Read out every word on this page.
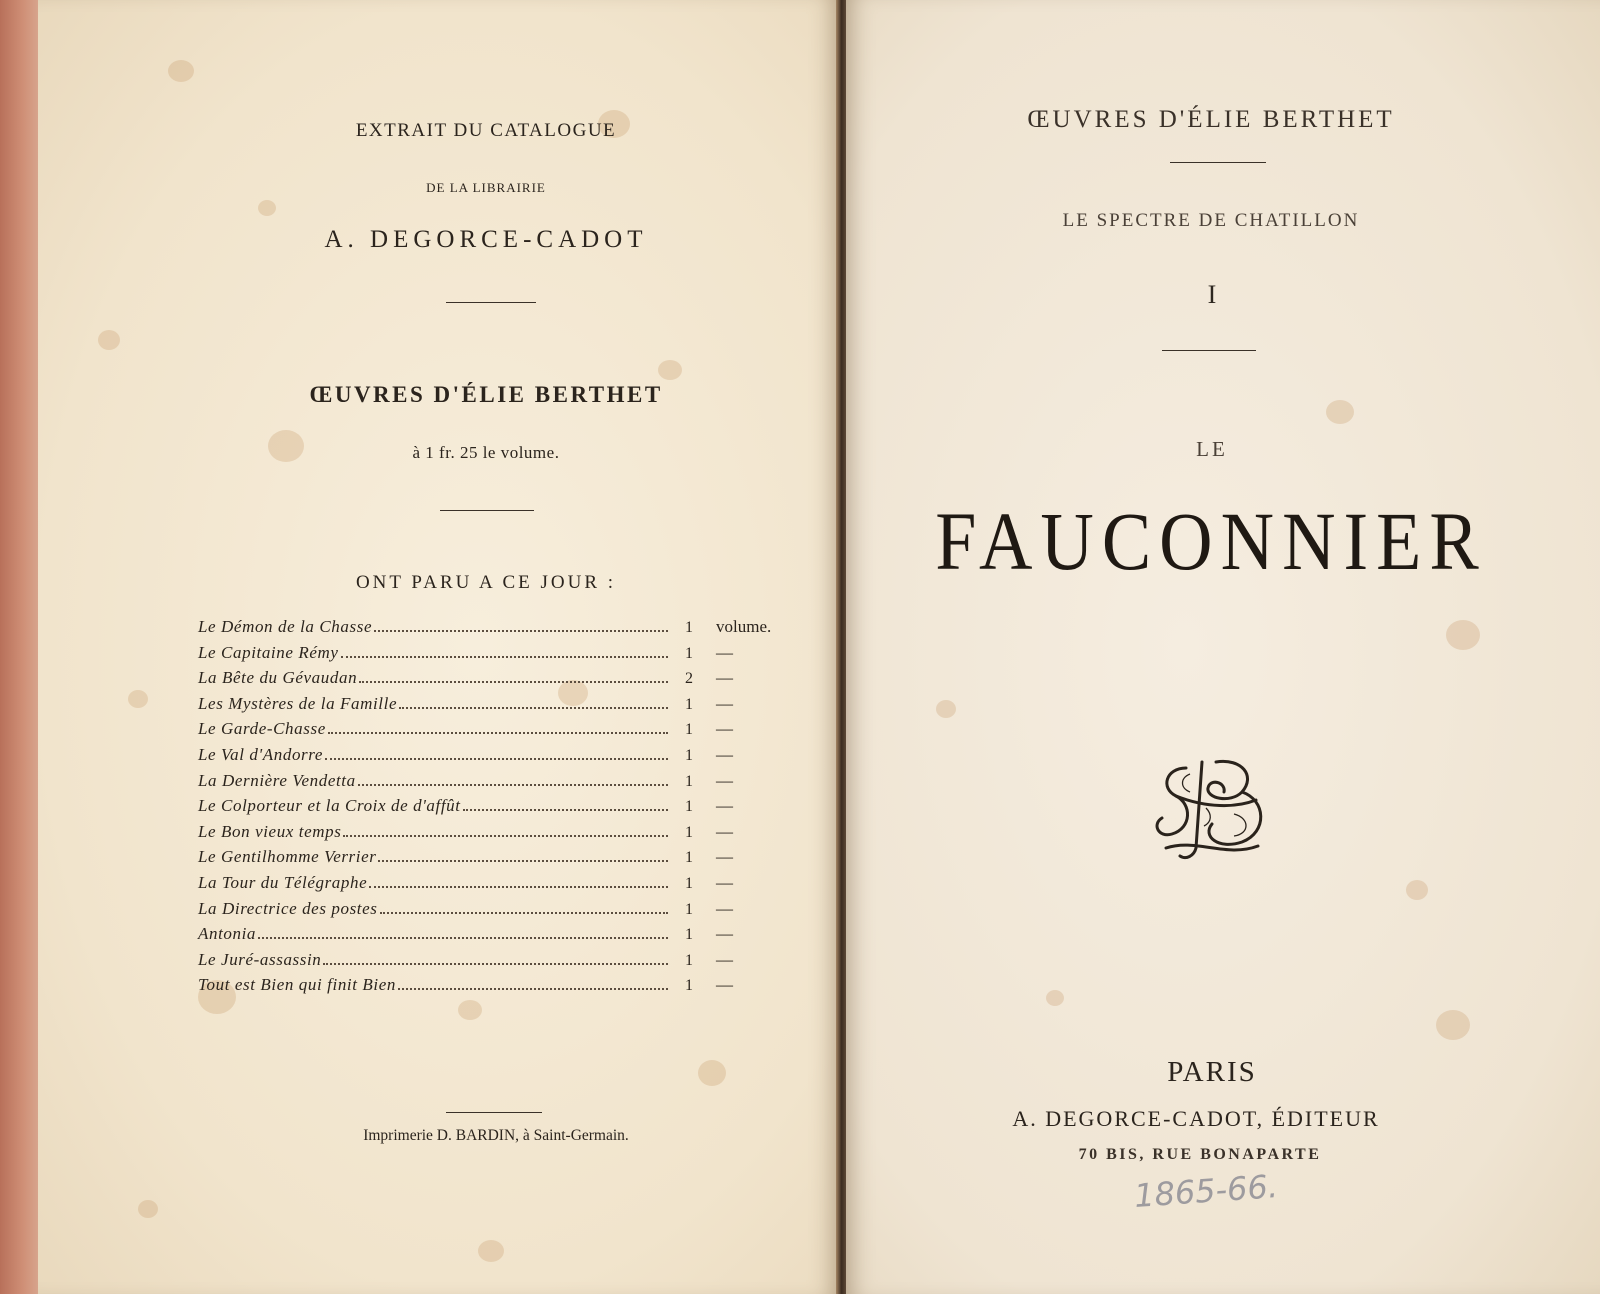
EXTRAIT DU CATALOGUE
DE LA LIBRAIRIE
A. DEGORCE-CADOT
ŒUVRES D'ÉLIE BERTHET
à 1 fr. 25 le volume.
ONT PARU A CE JOUR :
Le Démon de la Chasse	1	volume.
Le Capitaine Rémy	1	—
La Bête du Gévaudan	2	—
Les Mystères de la Famille	1	—
Le Garde-Chasse	1	—
Le Val d'Andorre	1	—
La Dernière Vendetta	1	—
Le Colporteur et la Croix de d'affût	1	—
Le Bon vieux temps	1	—
Le Gentilhomme Verrier	1	—
La Tour du Télégraphe	1	—
La Directrice des postes	1	—
Antonia	1	—
Le Juré-assassin	1	—
Tout est Bien qui finit Bien	1	—
Imprimerie D. BARDIN, à Saint-Germain.
ŒUVRES D'ÉLIE BERTHET
LE SPECTRE DE CHATILLON
I
LE
FAUCONNIER
PARIS
A. DEGORCE-CADOT, ÉDITEUR
70 BIS, RUE BONAPARTE
1865-66.
